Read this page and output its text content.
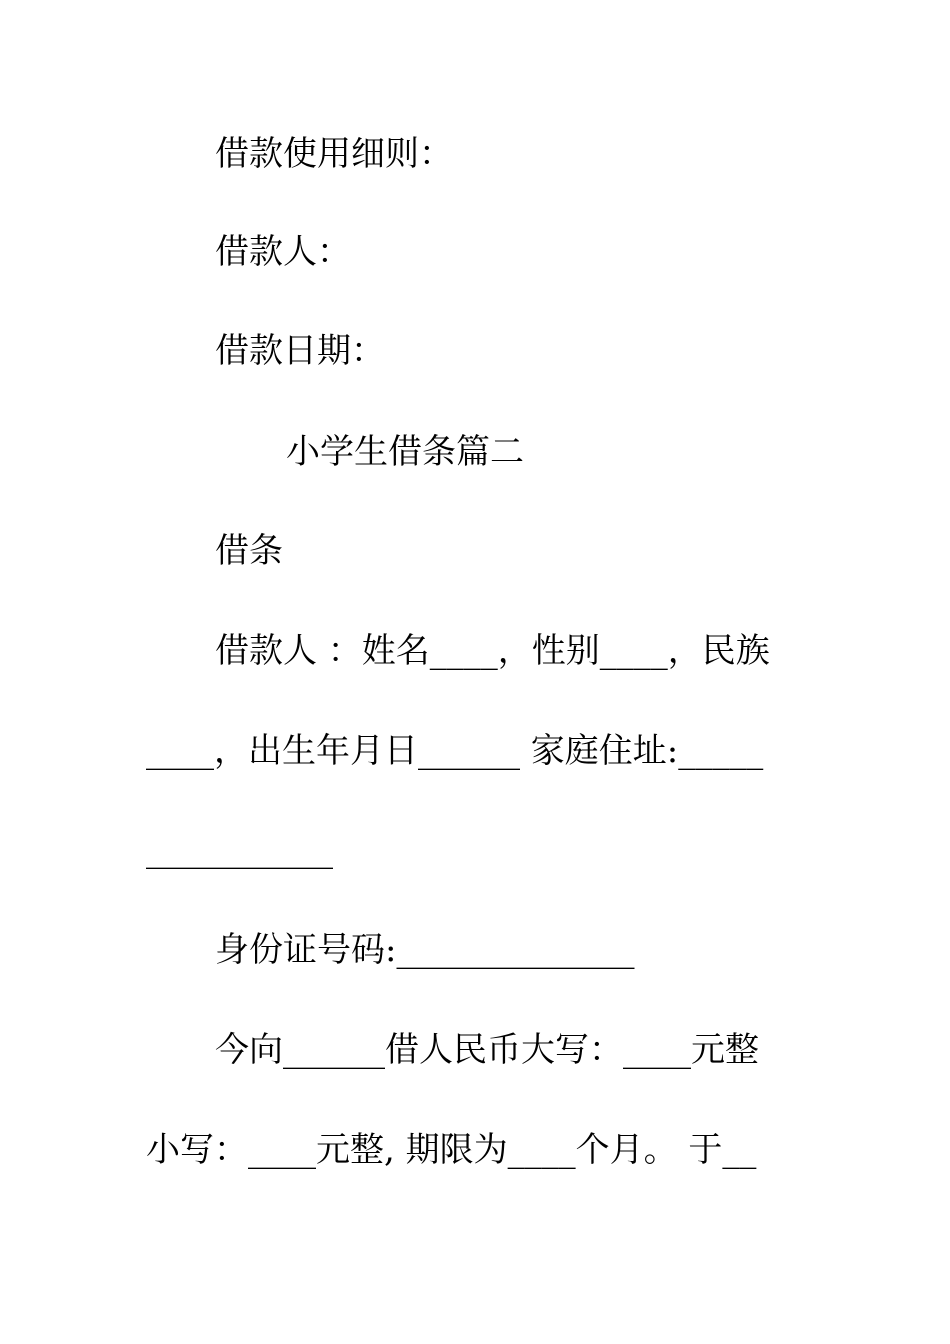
借款使用细则：

借款人：

借款日期：

小学生借条篇二

借条

借款人 ：姓名____，性别____，民族

____，出生年月日______ 家庭住址:_____

___________

身份证号码:______________

今向______借人民币大写：____元整

小写：____元整, 期限为____个月。 于__
